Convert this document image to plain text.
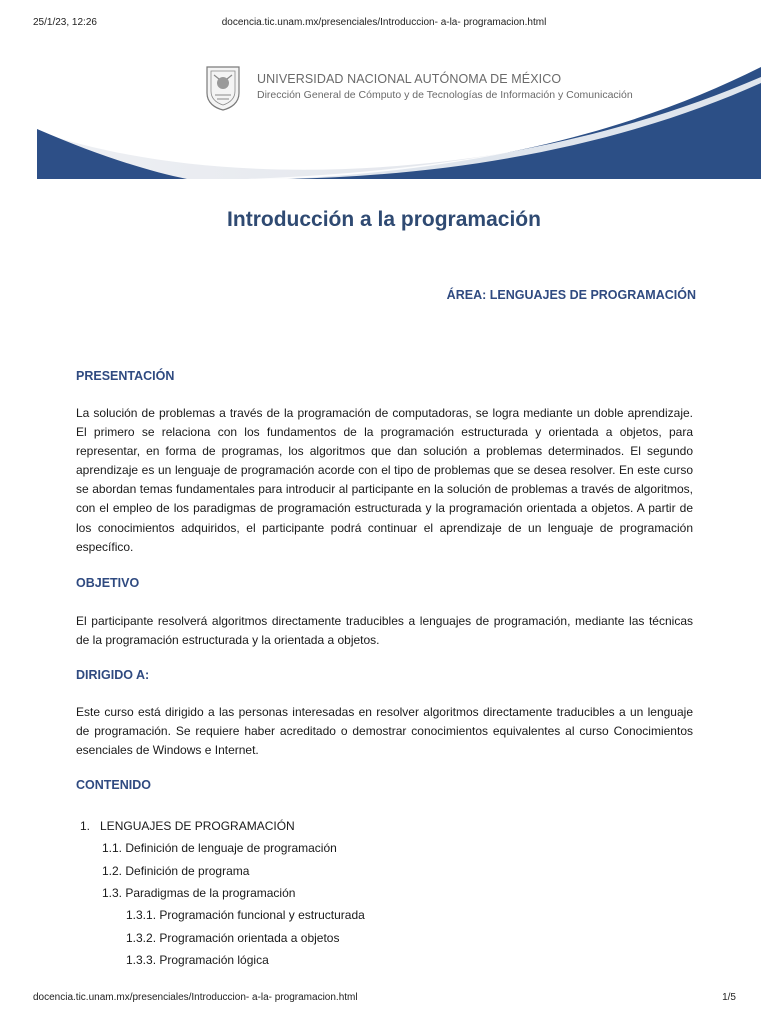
25/1/23, 12:26	docencia.tic.unam.mx/presenciales/Introduccion- a-la- programacion.html
UNIVERSIDAD NACIONAL AUTÓNOMA DE MÉXICO
Dirección General de Cómputo y de Tecnologías de Información y Comunicación
Introducción a la programación
ÁREA: LENGUAJES DE PROGRAMACIÓN
PRESENTACIÓN

La solución de problemas a través de la programación de computadoras, se logra mediante un doble aprendizaje. El primero se relaciona con los fundamentos de la programación estructurada y orientada a objetos, para representar, en forma de programas, los algoritmos que dan solución a problemas determinados. El segundo aprendizaje es un lenguaje de programación acorde con el tipo de problemas que se desea resolver. En este curso se abordan temas fundamentales para introducir al participante en la solución de problemas a través de algoritmos, con el empleo de los paradigmas de programación estructurada y la programación orientada a objetos. A partir de los conocimientos adquiridos, el participante podrá continuar el aprendizaje de un lenguaje de programación específico.

OBJETIVO

El participante resolverá algoritmos directamente traducibles a lenguajes de programación, mediante las técnicas de la programación estructurada y la orientada a objetos.

DIRIGIDO A:

Este curso está dirigido a las personas interesadas en resolver algoritmos directamente traducibles a un lenguaje de programación. Se requiere haber acreditado o demostrar conocimientos equivalentes al curso Conocimientos esenciales de Windows e Internet.

CONTENIDO
1.   LENGUAJES DE PROGRAMACIÓN
1.1. Definición de lenguaje de programación
1.2. Definición de programa
1.3. Paradigmas de la programación
1.3.1. Programación funcional y estructurada
1.3.2. Programación orientada a objetos
1.3.3. Programación lógica
docencia.tic.unam.mx/presenciales/Introduccion- a-la- programacion.html	1/5
